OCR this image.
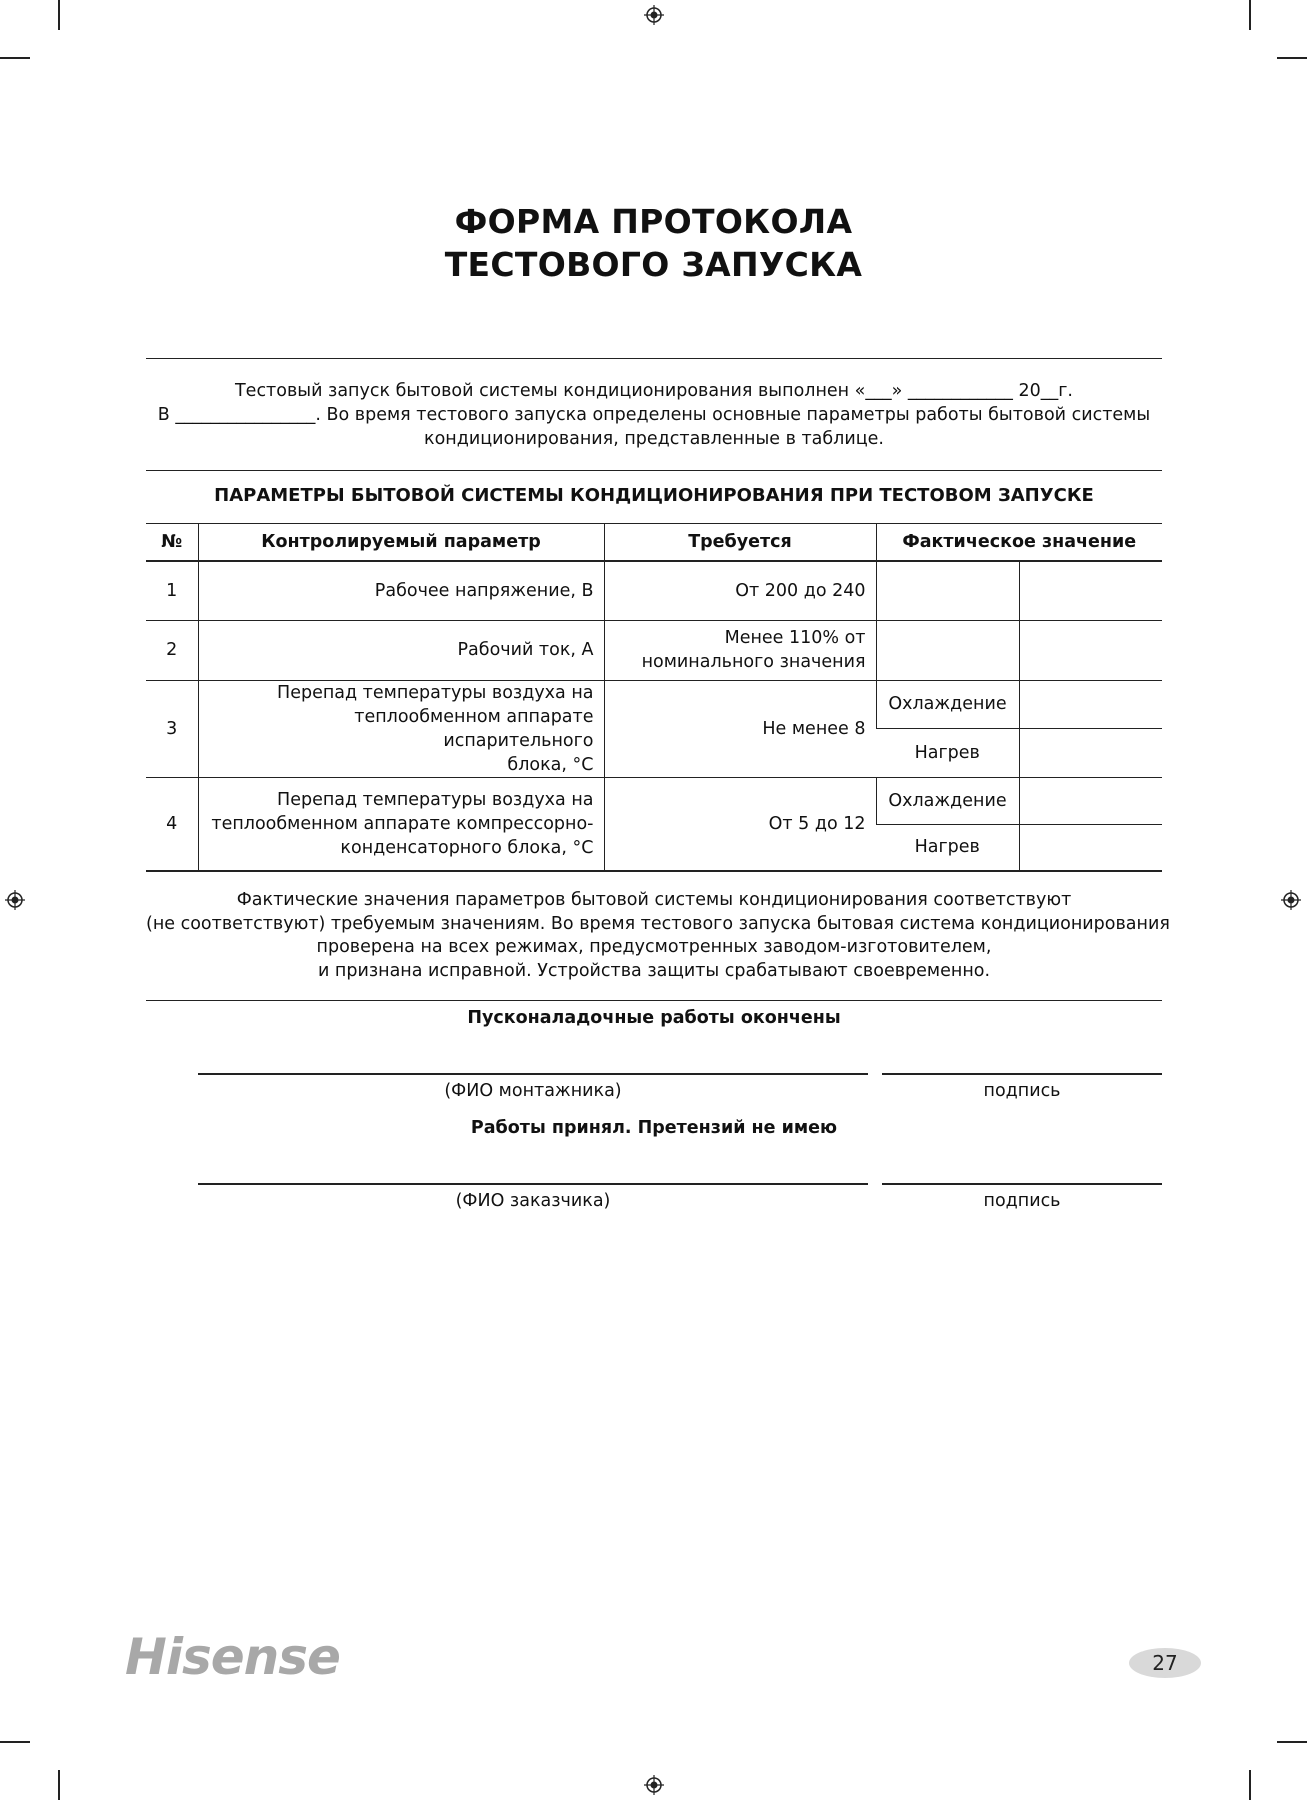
ФОРМА ПРОТОКОЛА
ТЕСТОВОГО ЗАПУСКА
Тестовый запуск бытовой системы кондиционирования выполнен «___» ____________ 20__г.
В ________________. Во время тестового запуска определены основные параметры работы бытовой системы
кондиционирования, представленные в таблице.
ПАРАМЕТРЫ БЫТОВОЙ СИСТЕМЫ КОНДИЦИОНИРОВАНИЯ ПРИ ТЕСТОВОМ ЗАПУСКЕ
№	Контролируемый параметр	Требуется	Фактическое значение	
1	Рабочее напряжение, В	От 200 до 240		
2	Рабочий ток, А	Менее 110% от
номинального значения		

3	Перепад температуры воздуха на
теплообменном аппарате испарительного
блока, °С	Не менее 8	Охлаждение	
			Нагрев	
4	Перепад температуры воздуха на
теплообменном аппарате компрессорно-
конденсаторного блока, °С	От 5 до 12	Охлаждение	
			Нагрев	
Фактические значения параметров бытовой системы кондиционирования соответствуют
(не соответствуют) требуемым значениям. Во время тестового запуска бытовая система кондиционирования
проверена на всех режимах, предусмотренных заводом-изготовителем,
и признана исправной. Устройства защиты срабатывают своевременно.
Пусконаладочные работы окончены
(ФИО монтажника)	подпись
Работы принял. Претензий не имею
(ФИО заказчика)	подпись
Hisense	27
